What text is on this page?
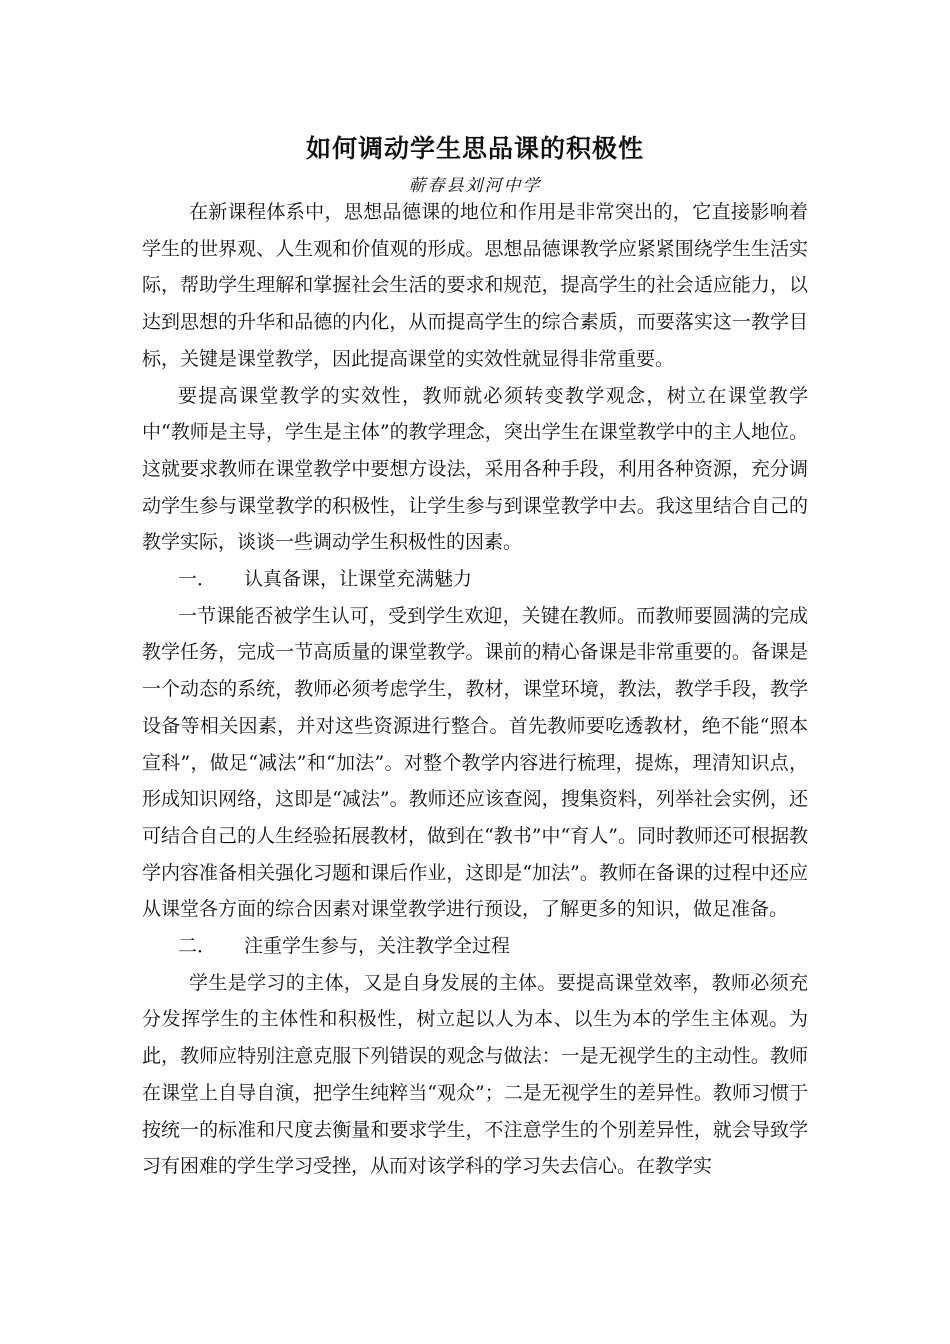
如何调动学生思品课的积极性
蕲春县刘河中学

在新课程体系中，思想品德课的地位和作用是非常突出的，它直接影响着学生的世界观、人生观和价值观的形成。思想品德课教学应紧紧围绕学生生活实际，帮助学生理解和掌握社会生活的要求和规范，提高学生的社会适应能力，以达到思想的升华和品德的内化，从而提高学生的综合素质，而要落实这一教学目标，关键是课堂教学，因此提高课堂的实效性就显得非常重要。

要提高课堂教学的实效性，教师就必须转变教学观念，树立在课堂教学中“教师是主导，学生是主体”的教学理念，突出学生在课堂教学中的主人地位。这就要求教师在课堂教学中要想方设法，采用各种手段，利用各种资源，充分调动学生参与课堂教学的积极性，让学生参与到课堂教学中去。我这里结合自己的教学实际，谈谈一些调动学生积极性的因素。

一． 认真备课，让课堂充满魅力

一节课能否被学生认可，受到学生欢迎，关键在教师。而教师要圆满的完成教学任务，完成一节高质量的课堂教学。课前的精心备课是非常重要的。备课是一个动态的系统，教师必须考虑学生，教材，课堂环境，教法，教学手段，教学设备等相关因素，并对这些资源进行整合。首先教师要吃透教材，绝不能“照本宣科”，做足“减法”和“加法”。对整个教学内容进行梳理，提炼，理清知识点，形成知识网络，这即是“减法”。教师还应该查阅，搜集资料，列举社会实例，还可结合自己的人生经验拓展教材，做到在“教书”中“育人”。同时教师还可根据教学内容准备相关强化习题和课后作业，这即是“加法”。教师在备课的过程中还应从课堂各方面的综合因素对课堂教学进行预设，了解更多的知识，做足准备。

二． 注重学生参与，关注教学全过程

学生是学习的主体，又是自身发展的主体。要提高课堂效率，教师必须充分发挥学生的主体性和积极性，树立起以人为本、以生为本的学生主体观。为此，教师应特别注意克服下列错误的观念与做法：一是无视学生的主动性。教师在课堂上自导自演，把学生纯粹当“观众”；二是无视学生的差异性。教师习惯于按统一的标准和尺度去衡量和要求学生，不注意学生的个别差异性，就会导致学习有困难的学生学习受挫，从而对该学科的学习失去信心。在教学实
